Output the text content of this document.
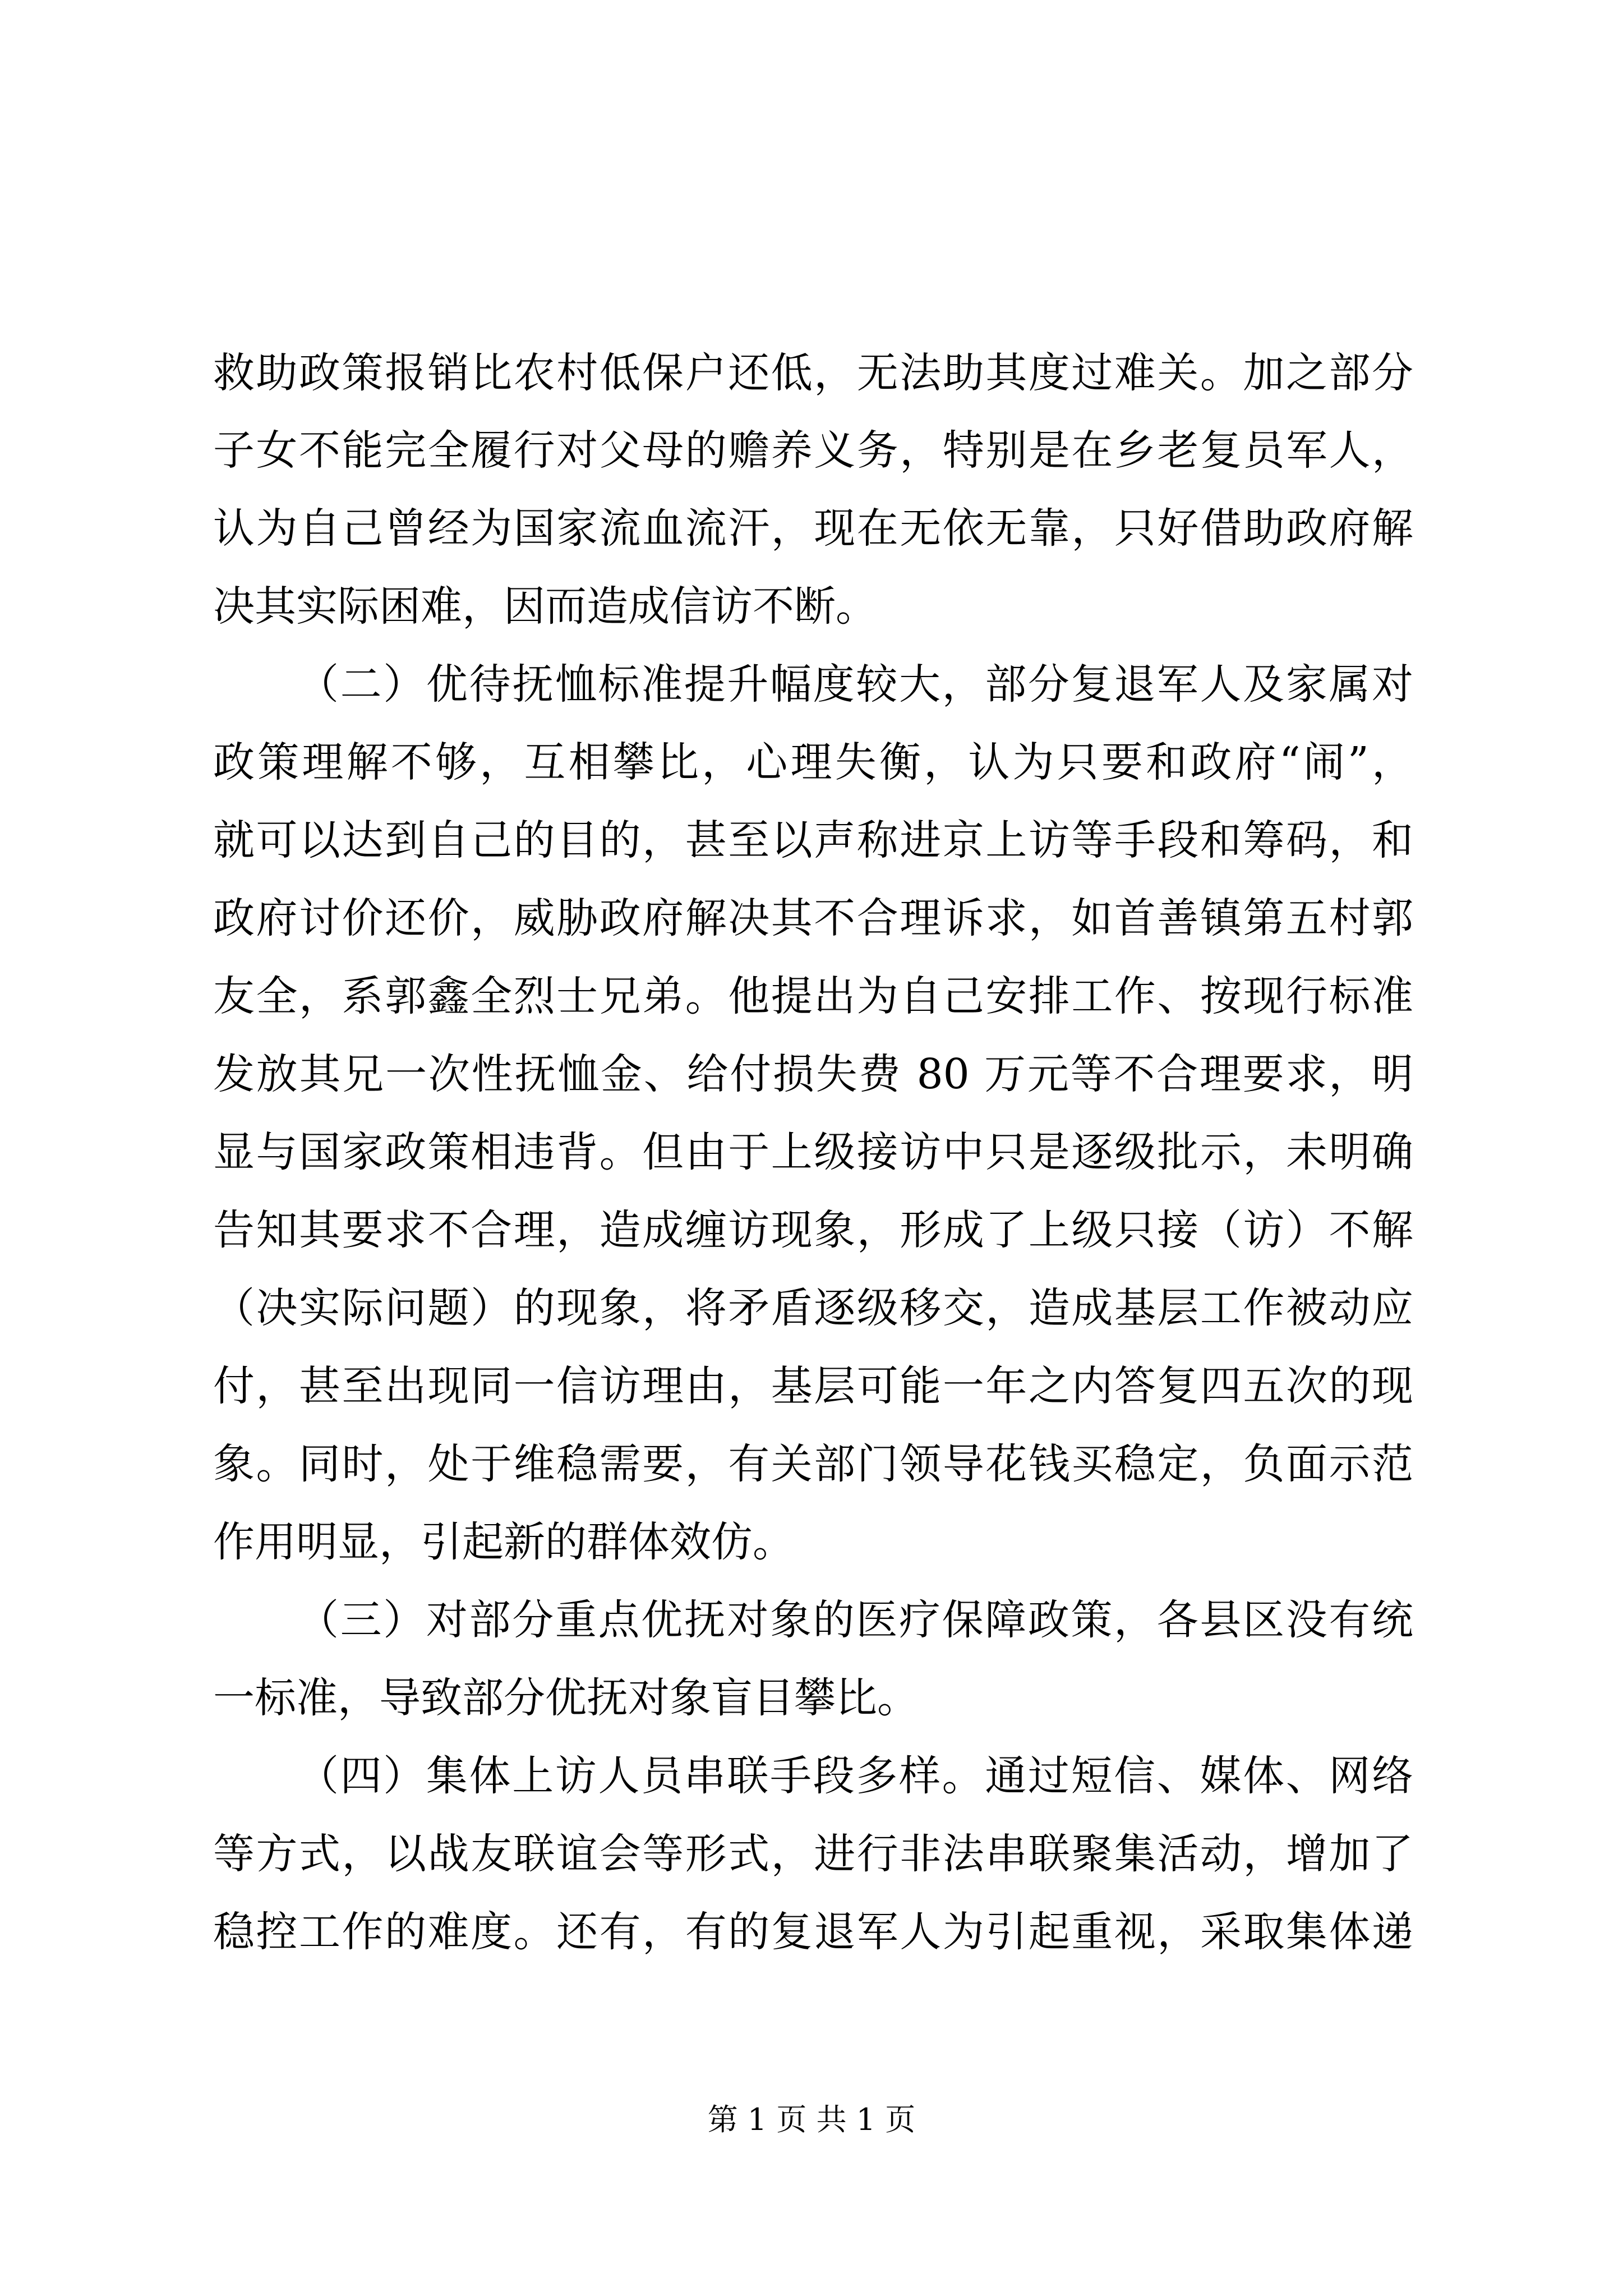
救助政策报销比农村低保户还低，无法助其度过难关。加之部分
子女不能完全履行对父母的赡养义务，特别是在乡老复员军人，
认为自己曾经为国家流血流汗，现在无依无靠，只好借助政府解
决其实际困难，因而造成信访不断。
（二）优待抚恤标准提升幅度较大，部分复退军人及家属对
政策理解不够，互相攀比，心理失衡，认为只要和政府“闹”，
就可以达到自己的目的，甚至以声称进京上访等手段和筹码，和
政府讨价还价，威胁政府解决其不合理诉求，如首善镇第五村郭
友全，系郭鑫全烈士兄弟。他提出为自己安排工作、按现行标准
发放其兄一次性抚恤金、给付损失费 80 万元等不合理要求，明
显与国家政策相违背。但由于上级接访中只是逐级批示，未明确
告知其要求不合理，造成缠访现象，形成了上级只接（访）不解
（决实际问题）的现象，将矛盾逐级移交，造成基层工作被动应
付，甚至出现同一信访理由，基层可能一年之内答复四五次的现
象。同时，处于维稳需要，有关部门领导花钱买稳定，负面示范
作用明显，引起新的群体效仿。
（三）对部分重点优抚对象的医疗保障政策，各县区没有统
一标准，导致部分优抚对象盲目攀比。
（四）集体上访人员串联手段多样。通过短信、媒体、网络
等方式，以战友联谊会等形式，进行非法串联聚集活动，增加了
稳控工作的难度。还有，有的复退军人为引起重视，采取集体递
第 1 页 共 1 页
